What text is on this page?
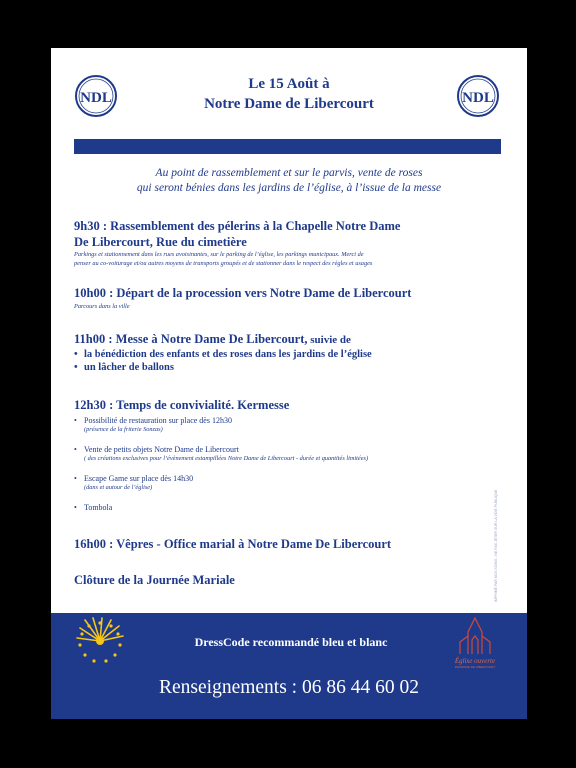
NDL	NDL
Le 15 Août à
Notre Dame de Libercourt
Au point de rassemblement et sur le parvis, vente de roses
qui seront bénies dans les jardins de l’église, à l’issue de la messe
9h30 : Rassemblement des pélerins à la Chapelle Notre Dame
De Libercourt, Rue du cimetière
Parkings et stationnement dans les rues avoisinantes, sur le parking de l’église, les parkings municipaux. Merci de
penser au co-voiturage et/ou autres moyens de transports groupés et de stationner dans le respect des règles et usages
10h00 : Départ de la procession vers Notre Dame de Libercourt
Parcours dans la ville
11h00 : Messe à Notre Dame De Libercourt, suivie de
• la bénédiction des enfants et des roses dans les jardins de l’église
• un lâcher de ballons
12h30 : Temps de convivialité. Kermesse
• Possibilité de restauration sur place dès 12h30
(présence de la friterie Sonzas)
• Vente de petits objets Notre Dame de Libercourt
( des créations exclusives pour l’évènement estampillées Notre Dame de Libercourt - durée et quantités limitées)
• Escape Game sur place dès 14h30
(dans et autour de l’église)
• Tombola
16h00 : Vêpres - Office marial à Notre Dame De Libercourt
Clôture de la Journée Mariale	IMPRIMÉ PAR NOS SOINS - NE PAS JETER SUR LA VOIE PUBLIQUE
DressCode recommandé bleu et blanc
Église ouverte
PAROISSE DE LIBERCOURT
Renseignements : 06 86 44 60 02
